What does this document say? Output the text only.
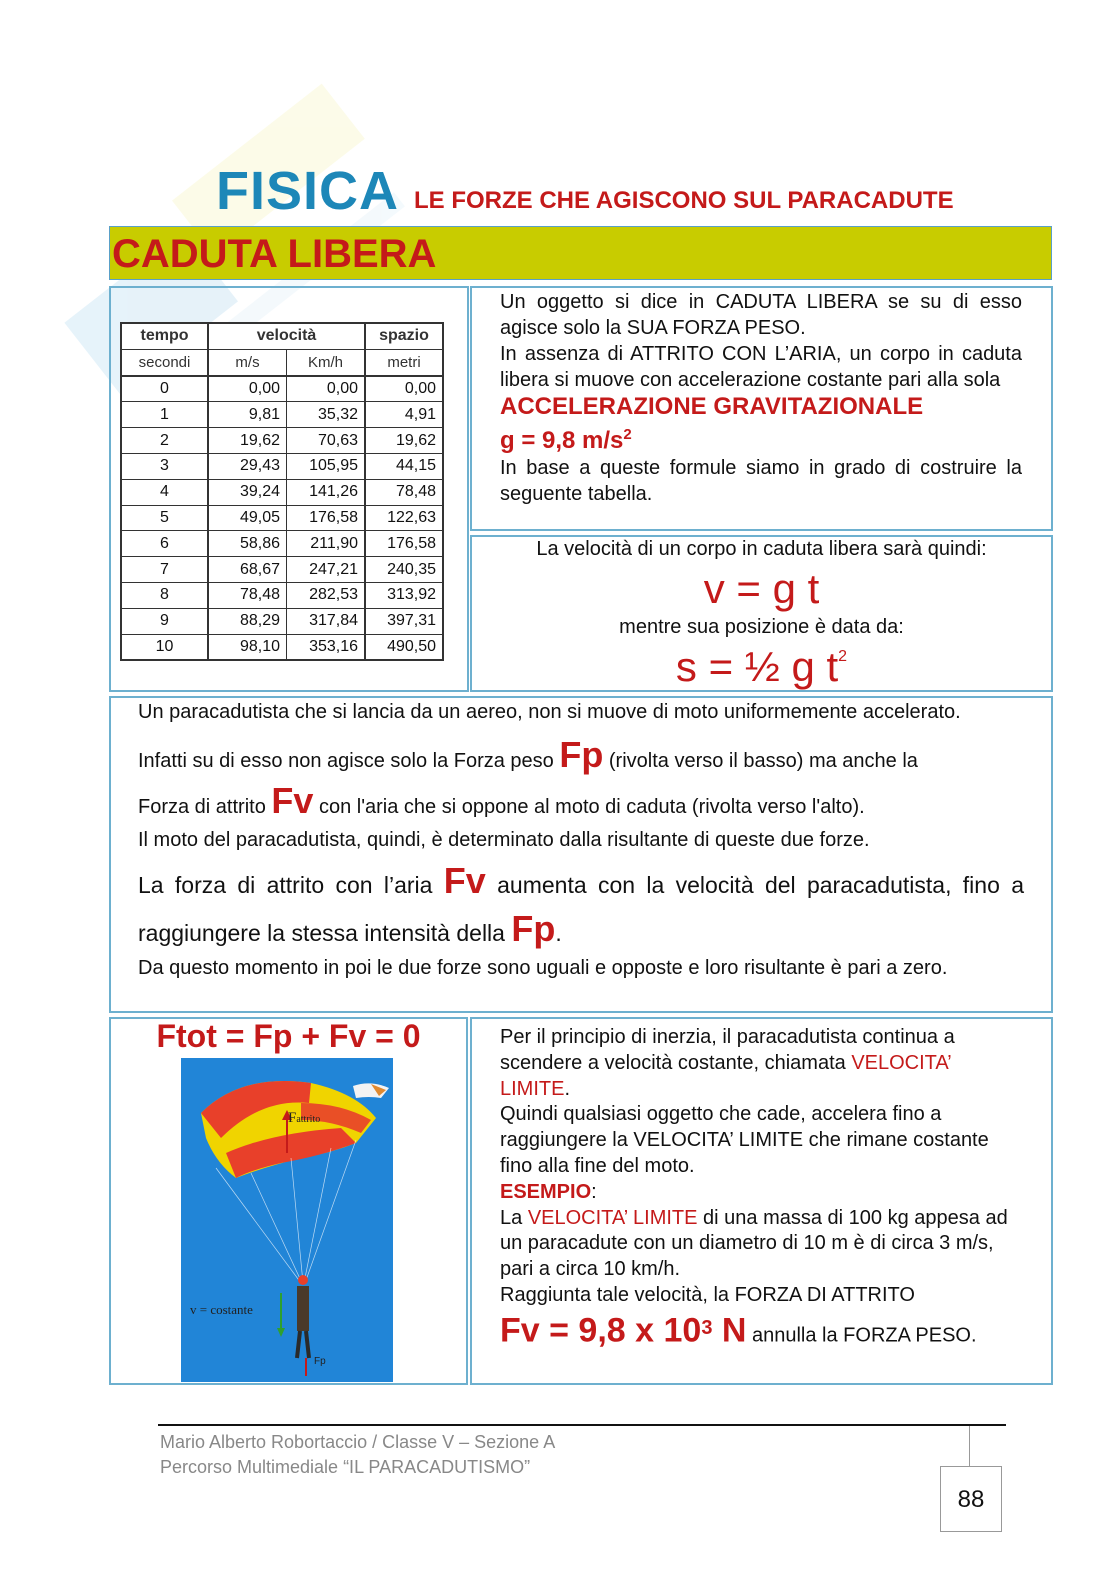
FISICA LE FORZE CHE AGISCONO SUL PARACADUTE
CADUTA LIBERA
tempo	velocità		spazio
secondi	m/s	Km/h	metri
0	0,00	0,00	0,00
1	9,81	35,32	4,91
2	19,62	70,63	19,62
3	29,43	105,95	44,15
4	39,24	141,26	78,48
5	49,05	176,58	122,63
6	58,86	211,90	176,58
7	68,67	247,21	240,35
8	78,48	282,53	313,92
9	88,29	317,84	397,31
10	98,10	353,16	490,50
Un oggetto si dice in CADUTA LIBERA se su di esso agisce solo la SUA FORZA PESO.
In assenza di ATTRITO CON L’ARIA, un corpo in caduta libera si muove con accelerazione costante pari alla sola
ACCELERAZIONE GRAVITAZIONALE
g = 9,8 $m/s^2$
In base a queste formule siamo in grado di costruire la seguente tabella.
La velocità di un corpo in caduta libera sarà quindi:
v = g t
mentre sua posizione è data da:
s = ½ g $t^2$

Un paracadutista che si lancia da un aereo, non si muove di moto uniformemente accelerato.

Infatti su di esso non agisce solo la Forza peso Fp (rivolta verso il basso) ma anche la

Forza di attrito Fv con l'aria che si oppone al moto di caduta (rivolta verso l'alto).

Il moto del paracadutista, quindi, è determinato dalla risultante di queste due forze.

La forza di attrito con l’aria Fv aumenta con la velocità del paracadutista, fino a raggiungere la stessa intensità della Fp.

Da questo momento in poi le due forze sono uguali e opposte e loro risultante è pari a zero.

Ftot = Fp + Fv = 0
Fattrito
v = costante
Fp
Per il principio di inerzia, il paracadutista continua a scendere a velocità costante, chiamata VELOCITA’ LIMITE.
Quindi qualsiasi oggetto che cade, accelera fino a raggiungere la VELOCITA’ LIMITE che rimane costante fino alla fine del moto.
ESEMPIO:
La VELOCITA’ LIMITE di una massa di 100 kg appesa ad un paracadute con un diametro di 10 m è di circa 3 m/s, pari a circa 10 km/h.
Raggiunta tale velocità, la FORZA DI ATTRITO
Fv = 9,8 x $10^3$ N annulla la FORZA PESO.
Mario Alberto Robortaccio / Classe V – Sezione A
Percorso Multimediale “IL PARACADUTISMO”
88
